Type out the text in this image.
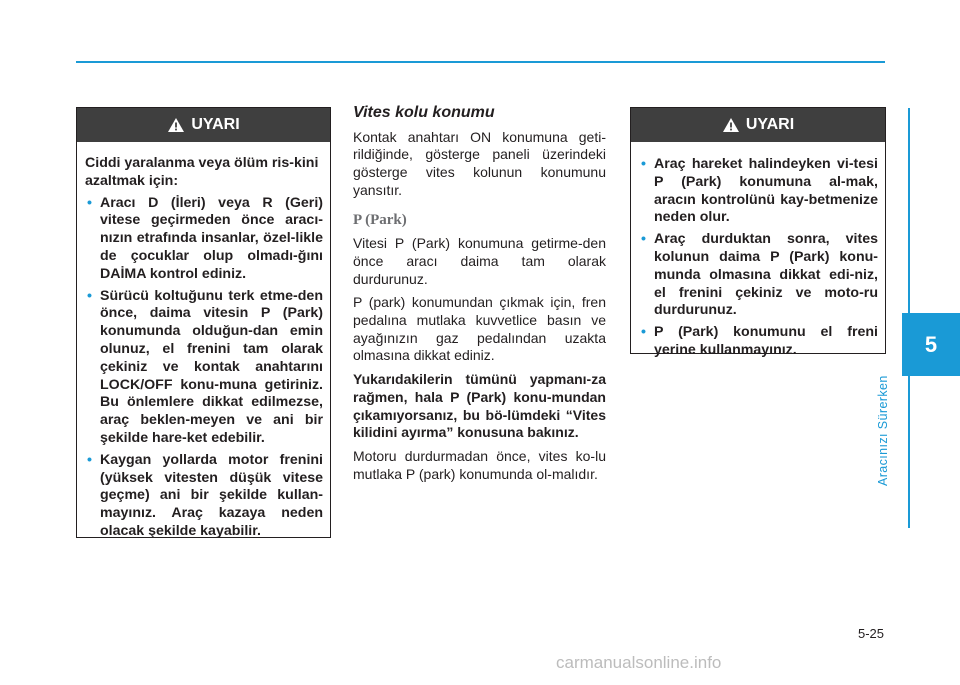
5
Aracınızı Sürerken
UYARI

Ciddi yaralanma veya ölüm ris-kini azaltmak için:

• Aracı D (İleri) veya R (Geri) vitese geçirmeden önce aracı-nızın etrafında insanlar, özel-likle de çocuklar olup olmadı-ğını DAİMA kontrol ediniz.
• Sürücü koltuğunu terk etme-den önce, daima vitesin P (Park) konumunda olduğun-dan emin olunuz, el frenini tam olarak çekiniz ve kontak anahtarını LOCK/OFF konu-muna getiriniz. Bu önlemlere dikkat edilmezse, araç beklen-meyen ve ani bir şekilde hare-ket edebilir.
• Kaygan yollarda motor frenini (yüksek vitesten düşük vitese geçme) ani bir şekilde kullan-mayınız. Araç kazaya neden olacak şekilde kayabilir.
Vites kolu konumu

Kontak anahtarı ON konumuna geti-rildiğinde, gösterge paneli üzerindeki gösterge vites kolunun konumunu yansıtır.

P (Park)

Vitesi P (Park) konumuna getirme-den önce aracı daima tam olarak durdurunuz.

P (park) konumundan çıkmak için, fren pedalına mutlaka kuvvetlice basın ve ayağınızın gaz pedalından uzakta olmasına dikkat ediniz.

Yukarıdakilerin tümünü yapmanı-za rağmen, hala P (Park) konu-mundan çıkamıyorsanız, bu bö-lümdeki “Vites kilidini ayırma” konusuna bakınız.

Motoru durdurmadan önce, vites ko-lu mutlaka P (park) konumunda ol-malıdır.

UYARI
• Araç hareket halindeyken vi-tesi P (Park) konumuna al-mak, aracın kontrolünü kay-betmenize neden olur.
• Araç durduktan sonra, vites kolunun daima P (Park) konu-munda olmasına dikkat edi-niz, el frenini çekiniz ve moto-ru durdurunuz.
• P (Park) konumunu el freni yerine kullanmayınız.
5-25
carmanualsonline.info
